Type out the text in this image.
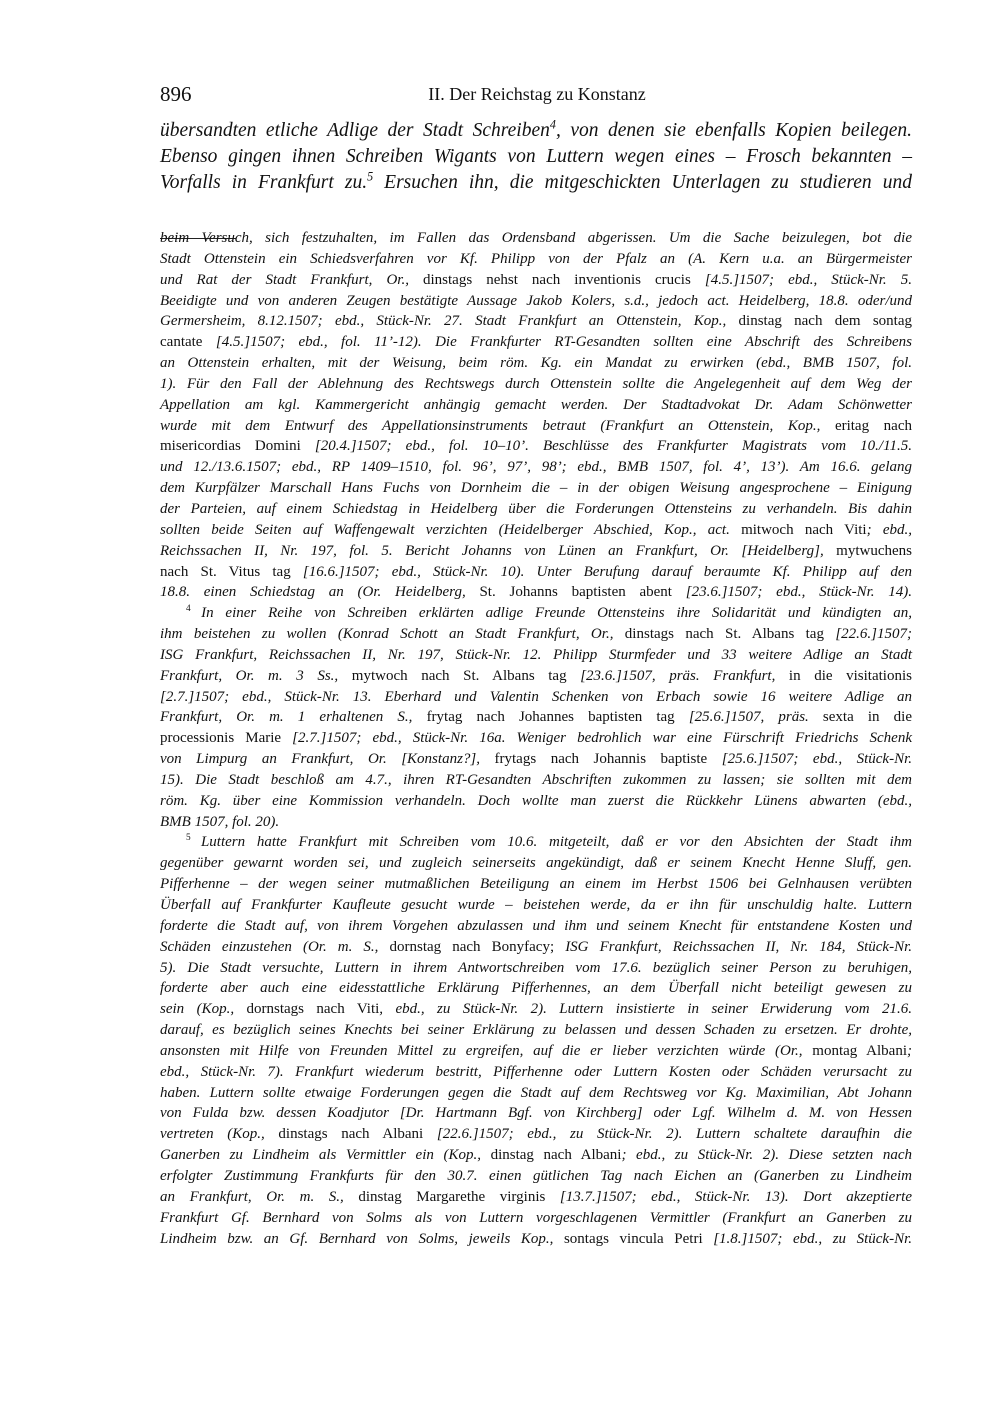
896	II. Der Reichstag zu Konstanz
übersandten etliche Adlige der Stadt Schreiben$^4$, von denen sie ebenfalls Kopien beilegen.
Ebenso gingen ihnen Schreiben Wigants von Luttern wegen eines – Frosch bekannten –
Vorfalls in Frankfurt zu.$^5$ Ersuchen ihn, die mitgeschickten Unterlagen zu studieren und
beim Versuch, sich festzuhalten, im Fallen das Ordensband abgerissen. Um die Sache beizulegen, bot die
Stadt Ottenstein ein Schiedsverfahren vor Kf. Philipp von der Pfalz an (A. Kern u.a. an Bürgermeister
und Rat der Stadt Frankfurt, Or., dinstags nehst nach inventionis crucis [4.5.]1507; ebd., Stück-Nr. 5.
Beeidigte und von anderen Zeugen bestätigte Aussage Jakob Kolers, s.d., jedoch act. Heidelberg, 18.8. oder/und
Germersheim, 8.12.1507; ebd., Stück-Nr. 27. Stadt Frankfurt an Ottenstein, Kop., dinstag nach dem sontag
cantate [4.5.]1507; ebd., fol. 11’-12). Die Frankfurter RT-Gesandten sollten eine Abschrift des Schreibens
an Ottenstein erhalten, mit der Weisung, beim röm. Kg. ein Mandat zu erwirken (ebd., BMB 1507, fol.
1). Für den Fall der Ablehnung des Rechtswegs durch Ottenstein sollte die Angelegenheit auf dem Weg der
Appellation am kgl. Kammergericht anhängig gemacht werden. Der Stadtadvokat Dr. Adam Schönwetter
wurde mit dem Entwurf des Appellationsinstruments betraut (Frankfurt an Ottenstein, Kop., eritag nach
misericordias Domini [20.4.]1507; ebd., fol. 10–10’. Beschlüsse des Frankfurter Magistrats vom 10./11.5.
und 12./13.6.1507; ebd., RP 1409–1510, fol. 96’, 97’, 98’; ebd., BMB 1507, fol. 4’, 13’). Am 16.6. gelang
dem Kurpfälzer Marschall Hans Fuchs von Dornheim die – in der obigen Weisung angesprochene – Einigung
der Parteien, auf einem Schiedstag in Heidelberg über die Forderungen Ottensteins zu verhandeln. Bis dahin
sollten beide Seiten auf Waffengewalt verzichten (Heidelberger Abschied, Kop., act. mitwoch nach Viti; ebd.,
Reichssachen II, Nr. 197, fol. 5. Bericht Johanns von Lünen an Frankfurt, Or. [Heidelberg], mytwuchens
nach St. Vitus tag [16.6.]1507; ebd., Stück-Nr. 10). Unter Berufung darauf beraumte Kf. Philipp auf den
18.8. einen Schiedstag an (Or. Heidelberg, St. Johanns baptisten abent [23.6.]1507; ebd., Stück-Nr. 14).
$^4$ In einer Reihe von Schreiben erklärten adlige Freunde Ottensteins ihre Solidarität und kündigten an,
ihm beistehen zu wollen (Konrad Schott an Stadt Frankfurt, Or., dinstags nach St. Albans tag [22.6.]1507;
ISG Frankfurt, Reichssachen II, Nr. 197, Stück-Nr. 12. Philipp Sturmfeder und 33 weitere Adlige an Stadt
Frankfurt, Or. m. 3 Ss., mytwoch nach St. Albans tag [23.6.]1507, präs. Frankfurt, in die visitationis
[2.7.]1507; ebd., Stück-Nr. 13. Eberhard und Valentin Schenken von Erbach sowie 16 weitere Adlige an
Frankfurt, Or. m. 1 erhaltenen S., frytag nach Johannes baptisten tag [25.6.]1507, präs. sexta in die
processionis Marie [2.7.]1507; ebd., Stück-Nr. 16a. Weniger bedrohlich war eine Fürschrift Friedrichs Schenk
von Limpurg an Frankfurt, Or. [Konstanz?], frytags nach Johannis baptiste [25.6.]1507; ebd., Stück-Nr.
15). Die Stadt beschloß am 4.7., ihren RT-Gesandten Abschriften zukommen zu lassen; sie sollten mit dem
röm. Kg. über eine Kommission verhandeln. Doch wollte man zuerst die Rückkehr Lünens abwarten (ebd.,
BMB 1507, fol. 20).
$^5$ Luttern hatte Frankfurt mit Schreiben vom 10.6. mitgeteilt, daß er vor den Absichten der Stadt ihm
gegenüber gewarnt worden sei, und zugleich seinerseits angekündigt, daß er seinem Knecht Henne Sluff, gen.
Pifferhenne – der wegen seiner mutmaßlichen Beteiligung an einem im Herbst 1506 bei Gelnhausen verübten
Überfall auf Frankfurter Kaufleute gesucht wurde – beistehen werde, da er ihn für unschuldig halte. Luttern
forderte die Stadt auf, von ihrem Vorgehen abzulassen und ihm und seinem Knecht für entstandene Kosten und
Schäden einzustehen (Or. m. S., dornstag nach Bonyfacy; ISG Frankfurt, Reichssachen II, Nr. 184, Stück-Nr.
5). Die Stadt versuchte, Luttern in ihrem Antwortschreiben vom 17.6. bezüglich seiner Person zu beruhigen,
forderte aber auch eine eidesstattliche Erklärung Pifferhennes, an dem Überfall nicht beteiligt gewesen zu
sein (Kop., dornstags nach Viti, ebd., zu Stück-Nr. 2). Luttern insistierte in seiner Erwiderung vom 21.6.
darauf, es bezüglich seines Knechts bei seiner Erklärung zu belassen und dessen Schaden zu ersetzen. Er drohte,
ansonsten mit Hilfe von Freunden Mittel zu ergreifen, auf die er lieber verzichten würde (Or., montag Albani;
ebd., Stück-Nr. 7). Frankfurt wiederum bestritt, Pifferhenne oder Luttern Kosten oder Schäden verursacht zu
haben. Luttern sollte etwaige Forderungen gegen die Stadt auf dem Rechtsweg vor Kg. Maximilian, Abt Johann
von Fulda bzw. dessen Koadjutor [Dr. Hartmann Bgf. von Kirchberg] oder Lgf. Wilhelm d. M. von Hessen
vertreten (Kop., dinstags nach Albani [22.6.]1507; ebd., zu Stück-Nr. 2). Luttern schaltete daraufhin die
Ganerben zu Lindheim als Vermittler ein (Kop., dinstag nach Albani; ebd., zu Stück-Nr. 2). Diese setzten nach
erfolgter Zustimmung Frankfurts für den 30.7. einen gütlichen Tag nach Eichen an (Ganerben zu Lindheim
an Frankfurt, Or. m. S., dinstag Margarethe virginis [13.7.]1507; ebd., Stück-Nr. 13). Dort akzeptierte
Frankfurt Gf. Bernhard von Solms als von Luttern vorgeschlagenen Vermittler (Frankfurt an Ganerben zu
Lindheim bzw. an Gf. Bernhard von Solms, jeweils Kop., sontags vincula Petri [1.8.]1507; ebd., zu Stück-Nr.
